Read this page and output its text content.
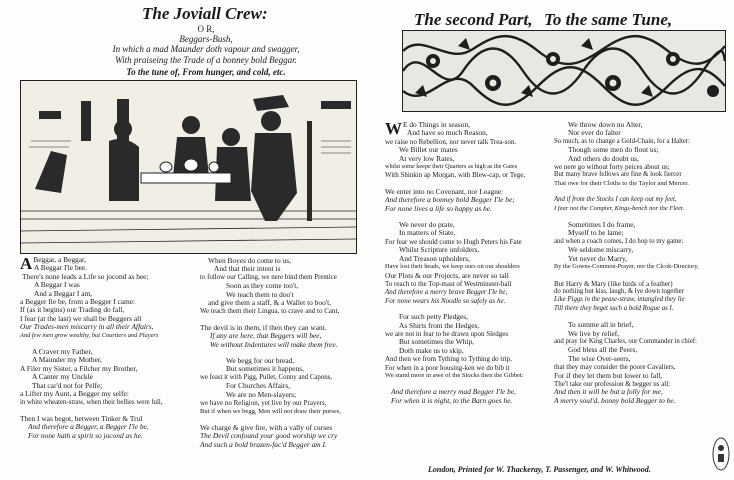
The Joviall Crew:
O R,
Beggars-Bush,
In which a mad Maunder doth vapour and swagger,
With praiseing the Trade of a bonney bold Beggar.
To the tune of, From hunger, and cold, etc.
A Beggar, a Beggar,
A Beggar I'le bee.
There's none leads a Life so jocond as hee;
A Beggar I was
And a Beggar I am,
a Begger Ile be, from a Begger I came:
If (as it begins) our Trading do fall,
I fear (at the last) we shall be Beggers all
Our Trades-men miscarry in all their Affairs,
And few men grow wealthy, but Courtiers and Players
A Craver my Father,
A Maunder my Mother,
A Filer my Sister, a Filcher my Brother,
A Canter my Unckle
That car'd not for Pelfe;
a Lifter my Aunt, a Begger my selfe:
in white wheaten-straw, when their bellies were full,
Then I was begot, between Tinker & Trul
And therefore a Begger, a Begger I'le be,
For none hath a spirit so jocond as he.
When Boyes do come to us,
And that their intent is
to follow our Calling, we nere bind them Prentice
Soon as they come too't,
We teach them to doo't
and give them a staff, & a Wallet to boo't,
We teach them their Lingua, to crave and to Cant,
The devil is in them, if then they can want.
If any are here, that Beggers will bee,
We without Indentures will make them free.
We begg for our bread,
But sometimes it happens,
we feast it with Pigg, Pullet, Conny and Capons,
For Churches Affairs,
We are no Men-slayers;
we have no Religion, yet live by our Prayers,
But if when we begg, Men will not draw their purses,
We charge & give fire, with a vally of curses
The Devil confound your good worship we cry
And such a bold brazen-fac'd Begger am I.
The second Part, To the same Tune,
W E do Things in season,
And have so much Reason,
we raise no Rebellion, nor never talk Trea-son.
We Billet our mates
At very low Rates,
whilst some keepe their Quarters as high as the Gates
With Shinkin ap Morgan, with Blew-cap, or Tege,
We enter into no Covenant, nor Leagne:
And therefore a bonney bold Begger I'le be;
For none lives a life so happy as he.
We never do prate,
In matters of State,
For fear we should come to Hugh Peters his Fate
Whilst Scripture unfolders,
And Treason upholders,
Have lost their heads, we keep ours on our shoulders
Our Plots & our Projects, are never so tall
To reach to the Top-mast of Westminster-hall
And therefore a merry brave Begger I'le be,
For none wears his Noodle so safely as he.
For such petty Pledges,
As Shirts from the Hedges,
we are not in fear to be drawn upon Sledges
But sometimes the Whip,
Doth make us to skip,
And then we from Tything to Tything do trip,
For when in a poor housing-ken we do bib it
We stand more in awe of the Stocks then the Gibbet:
And therefore a merry mad Begger I'le be,
For when it is night, to the Barn goes he.
We throw down no Alter,
Nor ever do falter
So much, as to change a Gold-Chain, for a Halter:
Though some men do flout us;
And others do doubt us,
we nere go without forty peices about us;
But many brave fellows are fine & look fiercer
That owe for their Cloths to the Taylor and Mercer.
And if from the Stocks I can keep out my feet,
I fear not the Compter, Kings-bench nor the Fleet.
Sometimes I do frame,
Myself to be lame;
and when a coach comes, I do hop to my game:
We seldome miscarry,
Yet never do Marry,
By the Gowns-Common-Prayer, nor the Clcok-Directory,
But Harry & Mary (like birds of a feather)
do nothing but kiss, laugh, & lye down together
Like Piggs in the pease-straw, intangled they lie
Till there they beget such a bold Rogue as I.
To summe all in brief,
We live by relief,
and pray for King Charles, our Commander in chief:
God bless all the Peers,
The wise Over-seers,
that they may consider the poore Cavaliers,
For if they let them but lower to fall,
The'l take our profession & begger us all:
And then it will be but a folly for me,
A merry soul'd, bonny bold Begger to be.
London, Printed for W. Thackeray, T. Passenger, and W. Whitwood.
